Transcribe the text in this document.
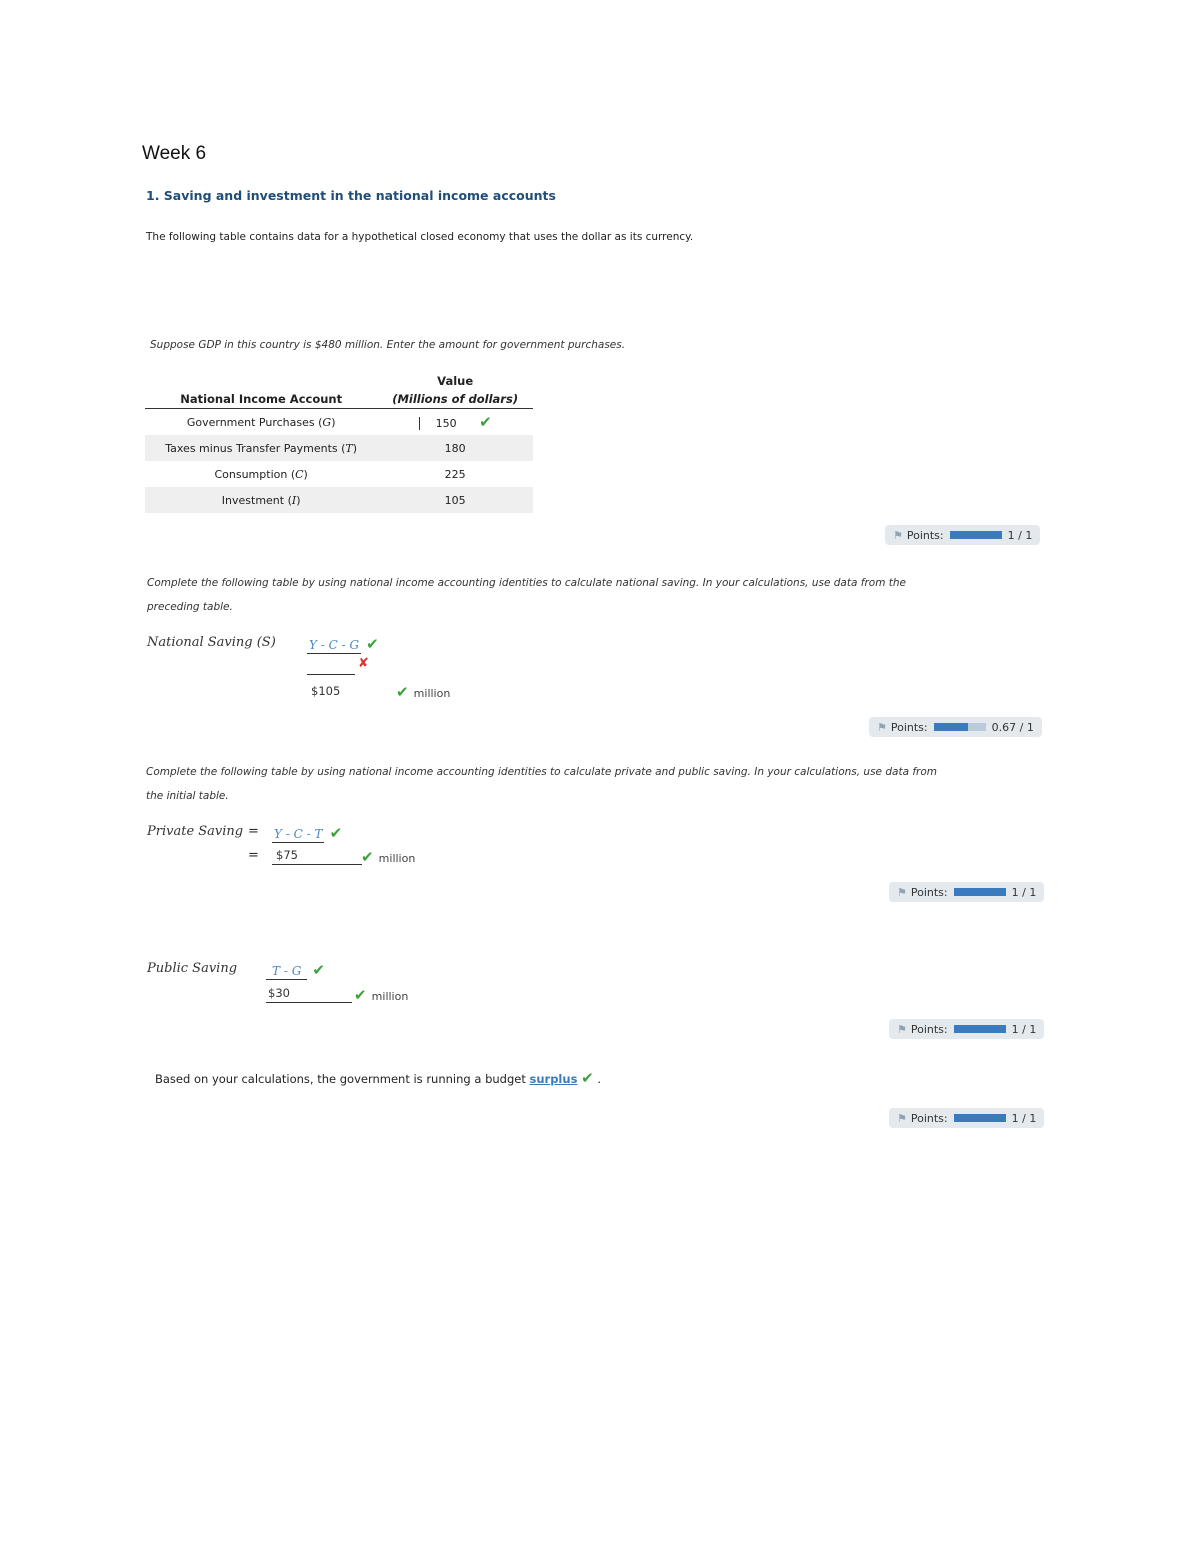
Week 6
1. Saving and investment in the national income accounts
The following table contains data for a hypothetical closed economy that uses the dollar as its currency.
Suppose GDP in this country is $480 million. Enter the amount for government purchases.
	Value
National Income Account	(Millions of dollars)
Government Purchases (G)	150 ✔
Taxes minus Transfer Payments (T)	180
Consumption (C)	225
Investment (I)	105
⚑ Points:	1 / 1
Complete the following table by using national income accounting identities to calculate national saving. In your calculations, use data from the
preceding table.
National Saving (S)	Y - C - G ✔
✘
$105	✔ million
⚑ Points:	0.67 / 1
Complete the following table by using national income accounting identities to calculate private and public saving. In your calculations, use data from
the initial table.
Private Saving = Y - C - T ✔
=	$75	✔ million
⚑ Points:	1 / 1
Public Saving	T - G ✔
$30	✔ million
⚑ Points:	1 / 1
Based on your calculations, the government is running a budget surplus ✔ .
⚑ Points:	1 / 1
